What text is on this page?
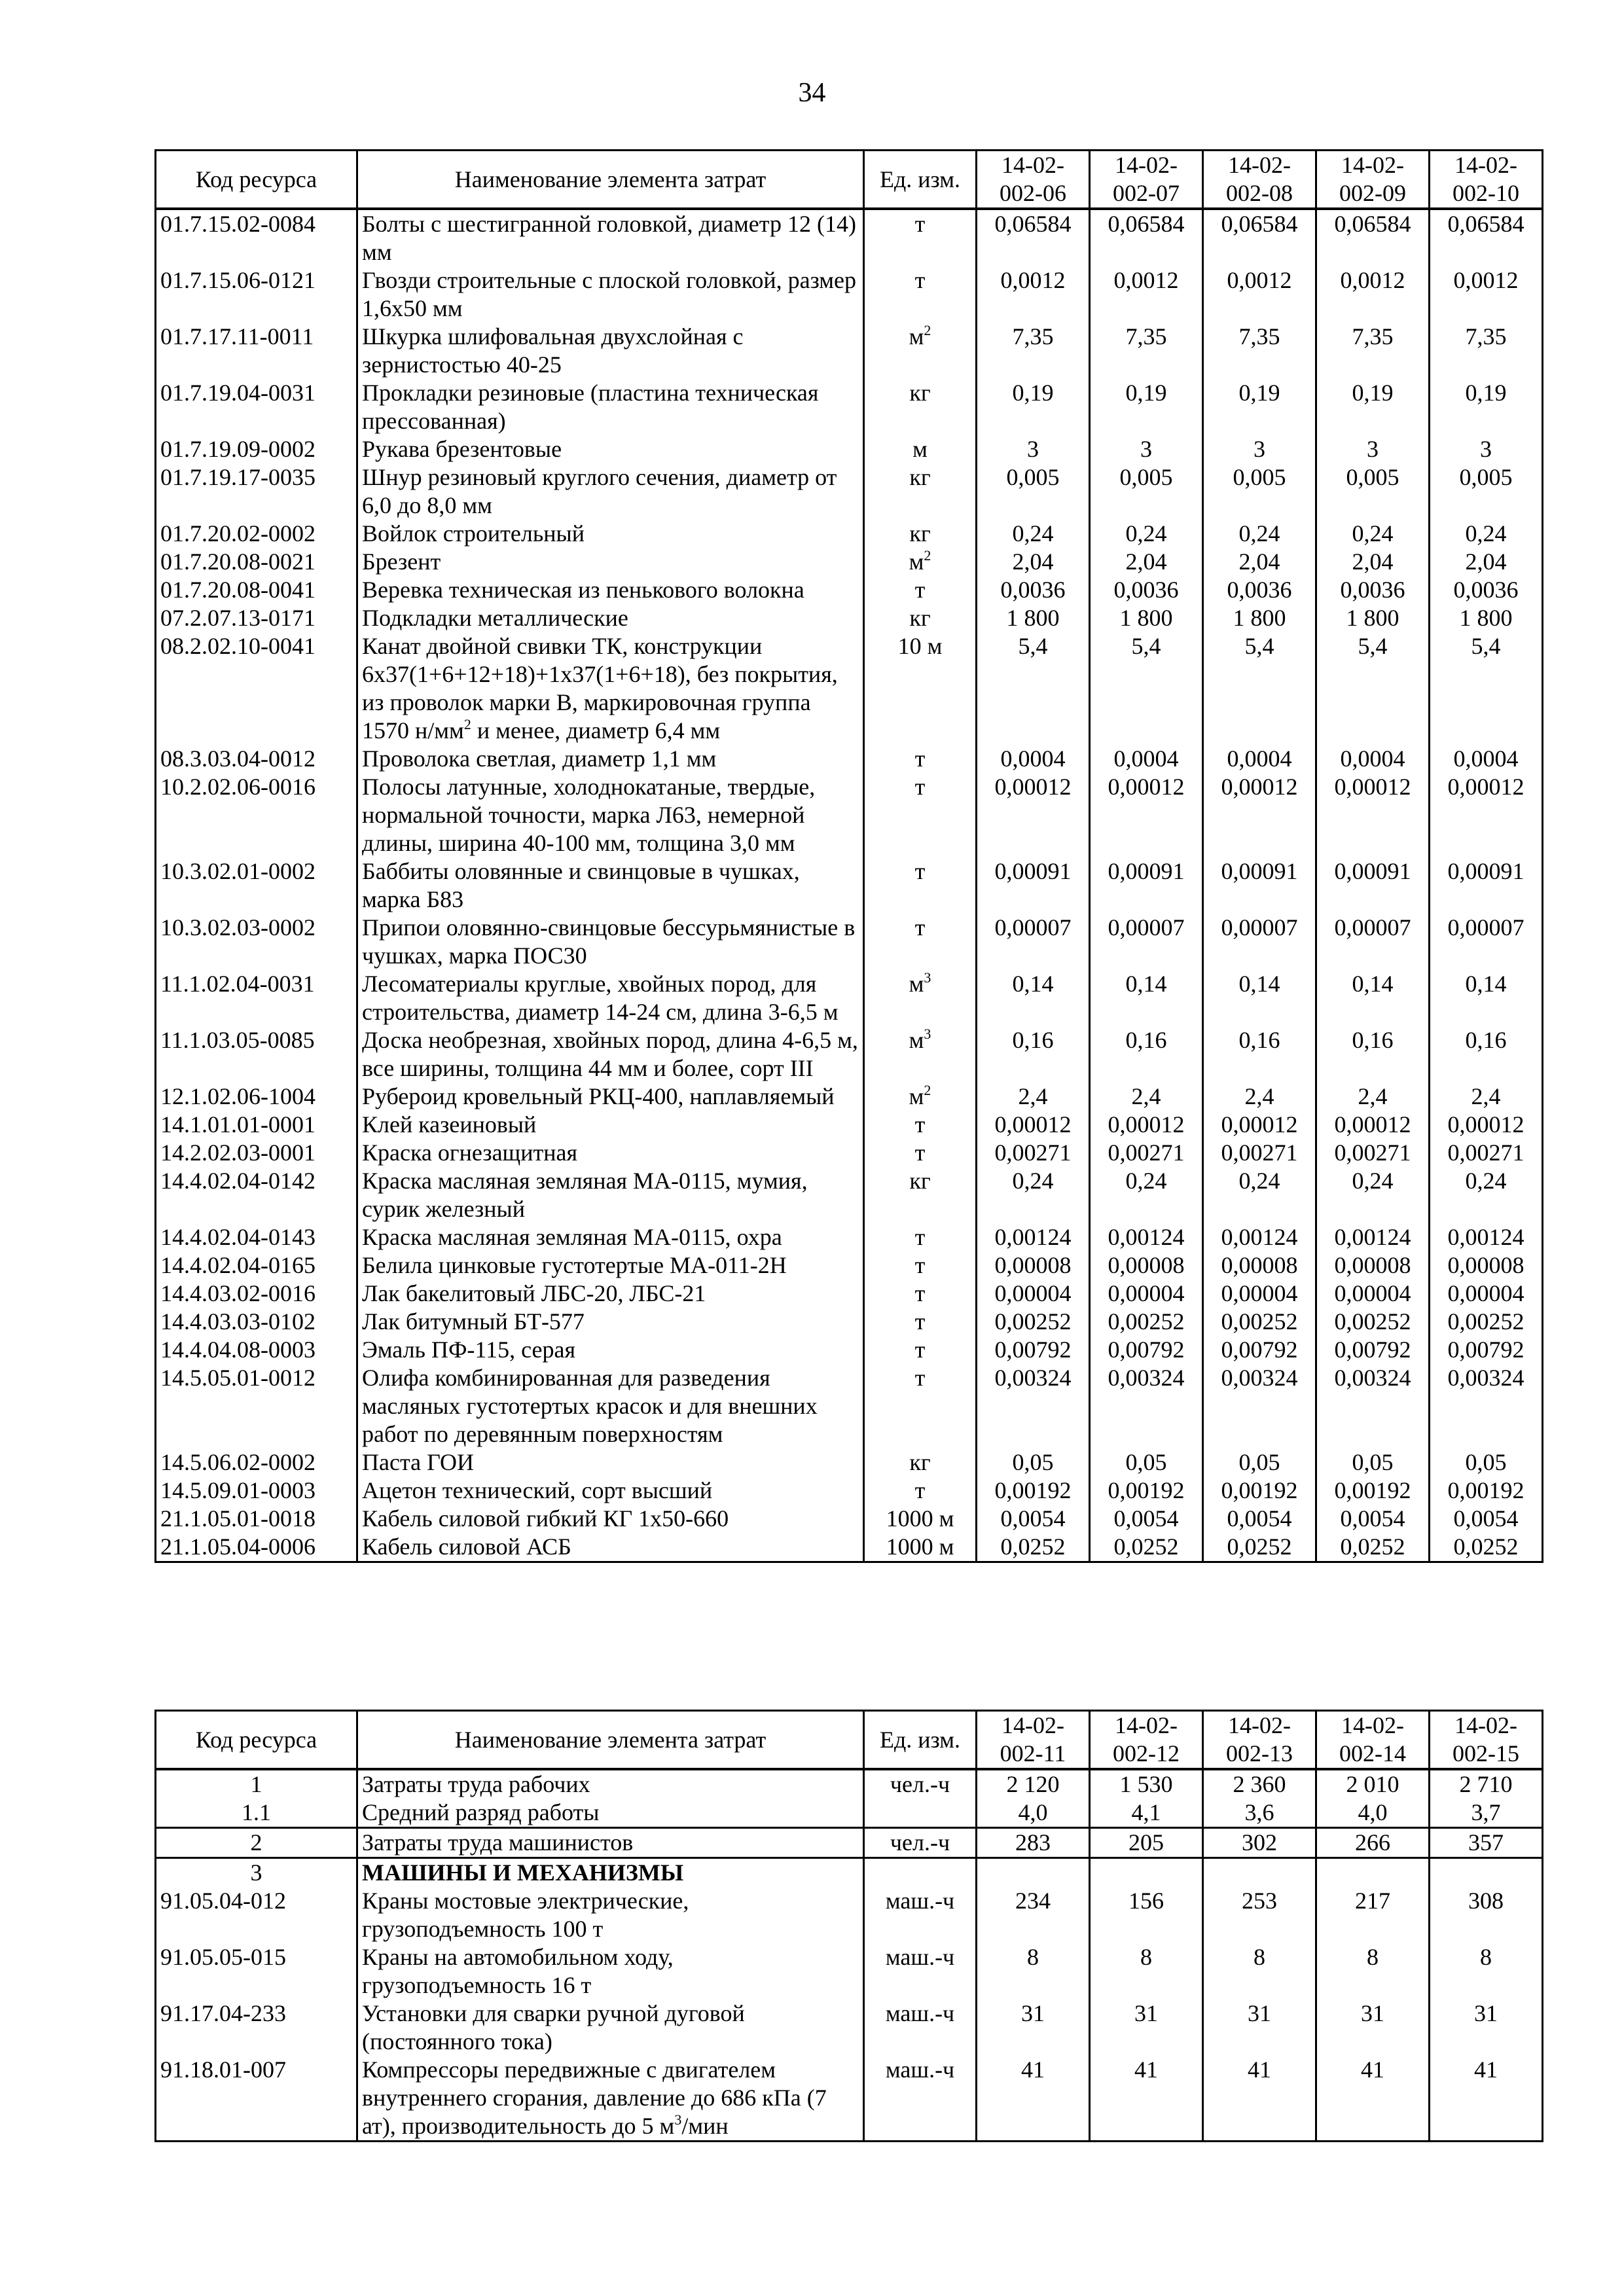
34
Код ресурса	Наименование элемента затрат	Ед. изм.	14-02-002-06	14-02-002-07	14-02-002-08	14-02-002-09	14-02-002-10
01.7.15.02-0084	Болты с шестигранной головкой, диаметр 12 (14) мм	т	0,06584	0,06584	0,06584	0,06584	0,06584
01.7.15.06-0121	Гвозди строительные с плоской головкой, размер 1,6х50 мм	т	0,0012	0,0012	0,0012	0,0012	0,0012
01.7.17.11-0011	Шкурка шлифовальная двухслойная с зернистостью 40-25	$м^2$	7,35	7,35	7,35	7,35	7,35
01.7.19.04-0031	Прокладки резиновые (пластина техническая прессованная)	кг	0,19	0,19	0,19	0,19	0,19
01.7.19.09-0002	Рукава брезентовые	м	3	3	3	3	3
01.7.19.17-0035	Шнур резиновый круглого сечения, диаметр от 6,0 до 8,0 мм	кг	0,005	0,005	0,005	0,005	0,005
01.7.20.02-0002	Войлок строительный	кг	0,24	0,24	0,24	0,24	0,24
01.7.20.08-0021	Брезент	$м^2$	2,04	2,04	2,04	2,04	2,04
01.7.20.08-0041	Веревка техническая из пенькового волокна	т	0,0036	0,0036	0,0036	0,0036	0,0036
07.2.07.13-0171	Подкладки металлические	кг	1 800	1 800	1 800	1 800	1 800
08.2.02.10-0041	Канат двойной свивки ТК, конструкции 6х37(1+6+12+18)+1х37(1+6+18), без покрытия, из проволок марки В, маркировочная группа 1570 $н/мм^2$ и менее, диаметр 6,4 мм	10 м	5,4	5,4	5,4	5,4	5,4
08.3.03.04-0012	Проволока светлая, диаметр 1,1 мм	т	0,0004	0,0004	0,0004	0,0004	0,0004
10.2.02.06-0016	Полосы латунные, холоднокатаные, твердые, нормальной точности, марка Л63, немерной длины, ширина 40-100 мм, толщина 3,0 мм	т	0,00012	0,00012	0,00012	0,00012	0,00012
10.3.02.01-0002	Баббиты оловянные и свинцовые в чушках, марка Б83	т	0,00091	0,00091	0,00091	0,00091	0,00091
10.3.02.03-0002	Припои оловянно-свинцовые бессурьмянистые в чушках, марка ПОС30	т	0,00007	0,00007	0,00007	0,00007	0,00007
11.1.02.04-0031	Лесоматериалы круглые, хвойных пород, для строительства, диаметр 14-24 см, длина 3-6,5 м	$м^3$	0,14	0,14	0,14	0,14	0,14
11.1.03.05-0085	Доска необрезная, хвойных пород, длина 4-6,5 м, все ширины, толщина 44 мм и более, сорт III	$м^3$	0,16	0,16	0,16	0,16	0,16
12.1.02.06-1004	Рубероид кровельный РКЦ-400, наплавляемый	$м^2$	2,4	2,4	2,4	2,4	2,4
14.1.01.01-0001	Клей казеиновый	т	0,00012	0,00012	0,00012	0,00012	0,00012
14.2.02.03-0001	Краска огнезащитная	т	0,00271	0,00271	0,00271	0,00271	0,00271
14.4.02.04-0142	Краска масляная земляная МА-0115, мумия, сурик железный	кг	0,24	0,24	0,24	0,24	0,24
14.4.02.04-0143	Краска масляная земляная МА-0115, охра	т	0,00124	0,00124	0,00124	0,00124	0,00124
14.4.02.04-0165	Белила цинковые густотертые МА-011-2Н	т	0,00008	0,00008	0,00008	0,00008	0,00008
14.4.03.02-0016	Лак бакелитовый ЛБС-20, ЛБС-21	т	0,00004	0,00004	0,00004	0,00004	0,00004
14.4.03.03-0102	Лак битумный БТ-577	т	0,00252	0,00252	0,00252	0,00252	0,00252
14.4.04.08-0003	Эмаль ПФ-115, серая	т	0,00792	0,00792	0,00792	0,00792	0,00792
14.5.05.01-0012	Олифа комбинированная для разведения масляных густотертых красок и для внешних работ по деревянным поверхностям	т	0,00324	0,00324	0,00324	0,00324	0,00324
14.5.06.02-0002	Паста ГОИ	кг	0,05	0,05	0,05	0,05	0,05
14.5.09.01-0003	Ацетон технический, сорт высший	т	0,00192	0,00192	0,00192	0,00192	0,00192
21.1.05.01-0018	Кабель силовой гибкий КГ 1х50-660	1000 м	0,0054	0,0054	0,0054	0,0054	0,0054
21.1.05.04-0006	Кабель силовой АСБ	1000 м	0,0252	0,0252	0,0252	0,0252	0,0252
Код ресурса	Наименование элемента затрат	Ед. изм.	14-02-002-11	14-02-002-12	14-02-002-13	14-02-002-14	14-02-002-15
1	Затраты труда рабочих	чел.-ч	2 120	1 530	2 360	2 010	2 710
1.1	Средний разряд работы		4,0	4,1	3,6	4,0	3,7
2	Затраты труда машинистов	чел.-ч	283	205	302	266	357
3	МАШИНЫ И МЕХАНИЗМЫ						
91.05.04-012	Краны мостовые электрические, грузоподъемность 100 т	маш.-ч	234	156	253	217	308
91.05.05-015	Краны на автомобильном ходу, грузоподъемность 16 т	маш.-ч	8	8	8	8	8
91.17.04-233	Установки для сварки ручной дуговой (постоянного тока)	маш.-ч	31	31	31	31	31
91.18.01-007	Компрессоры передвижные с двигателем внутреннего сгорания, давление до 686 кПа (7 ат), производительность до 5 $м^3$/мин	маш.-ч	41	41	41	41	41
